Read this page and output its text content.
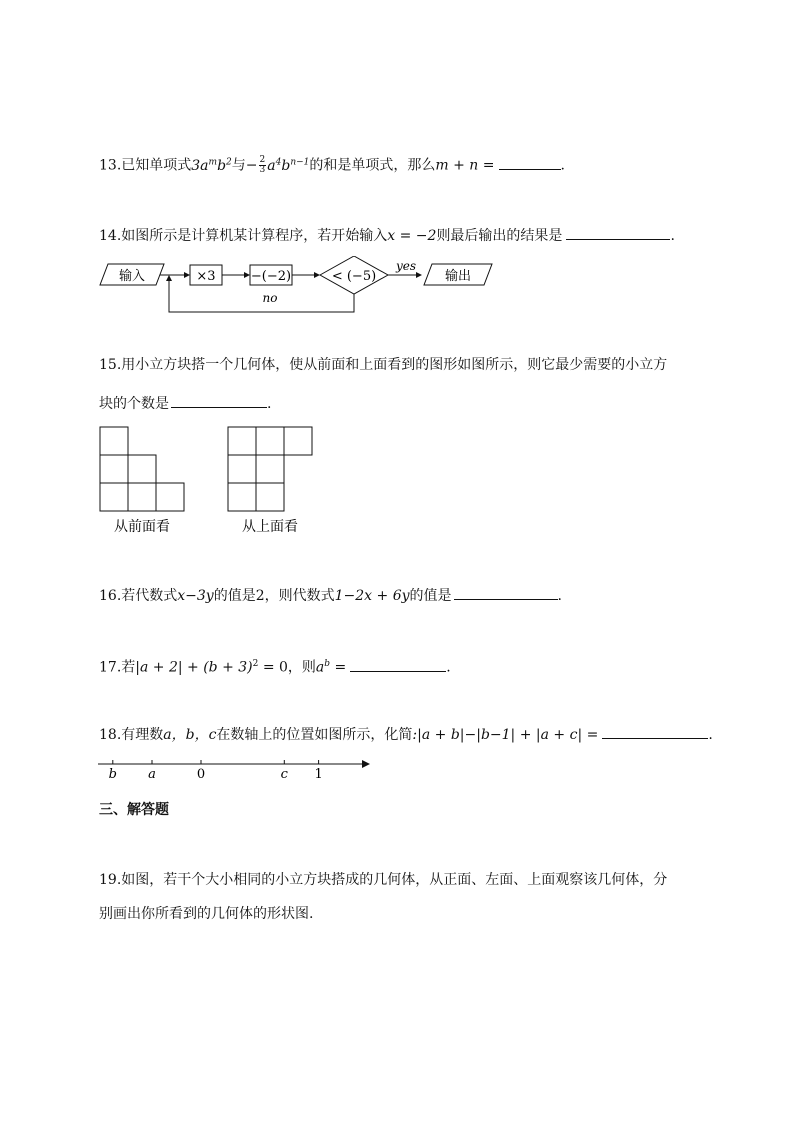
13.已知单项式$3a^mb^2$与− $\frac{2}{3} a^4b^{n-1}$的和是单项式，那么m + n =	.
14.如图所示是计算机某计算程序，若开始输入x = −2则最后输出的结果是	.
输入	×3	−(−2)	< (−5)
yes
输出
no
15.用小立方块搭一个几何体，使从前面和上面看到的图形如图所示，则它最少需要的小立方
块的个数是	.
从前面看	从上面看
16.若代数式x−3y的值是2，则代数式1−2x + 6y的值是	.
17.若$|a + 2| + (b + 3)^2 = 0$，则$a^b$ =	.
18.有理数a，b，c在数轴上的位置如图所示，化简:|a + b|−|b−1| + |a + c| =	.
b a	0	c 1
三、解答题
19.如图，若干个大小相同的小立方块搭成的几何体，从正面、左面、上面观察该几何体，分
别画出你所看到的几何体的形状图.
